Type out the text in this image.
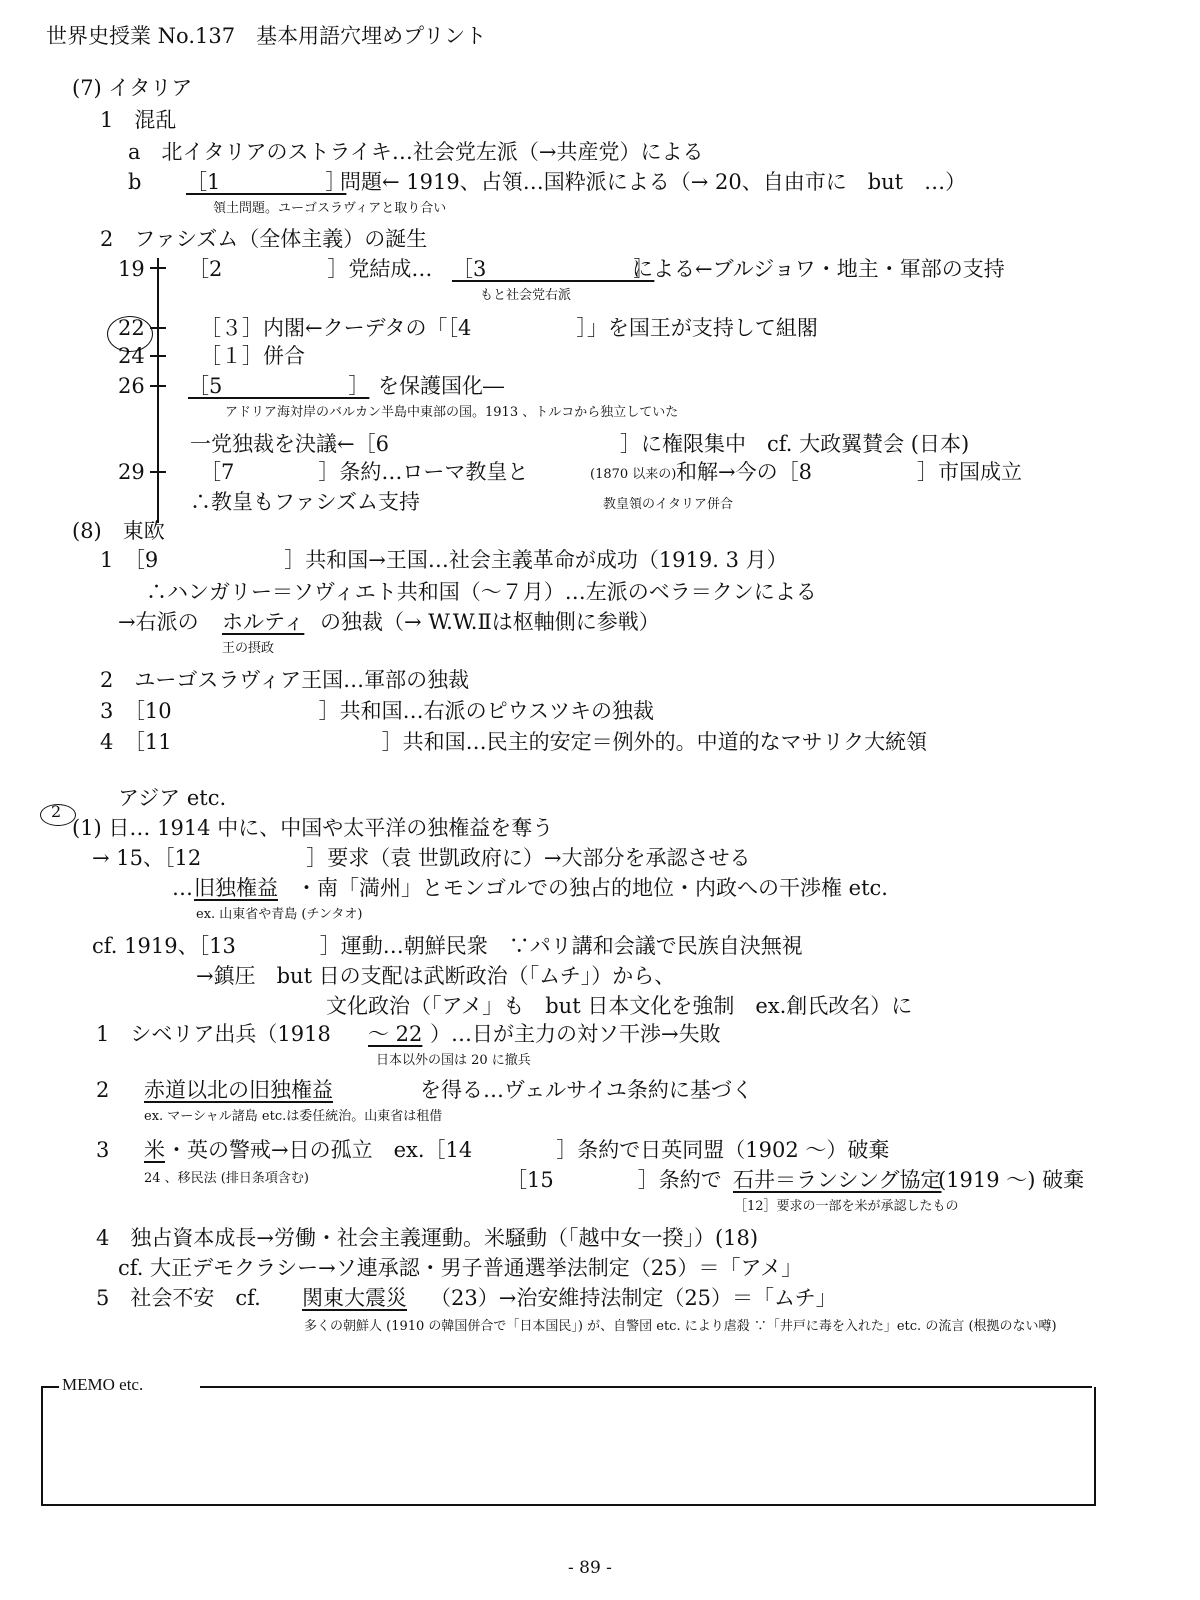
世界史授業 No.137　基本用語穴埋めプリント
(7) イタリア
1　混乱
a　北イタリアのストライキ…社会党左派（→共産党）による
b ［1　　　　　］
問題← 1919、占領…国粋派による（→ 20、自由市に　but　…）
領土問題。ユーゴスラヴィアと取り合い
2　ファシズム（全体主義）の誕生
19 ［2　　　　　］党結成… ［3　　　　　　　］
による←ブルジョワ・地主・軍部の支持
もと社会党右派
22	［３］内閣←クーデタの「［4　　　　　］」を国王が支持して組閣
24	［１］併合
26 ［5　　　　　　］ を保護国化―
アドリア海対岸のバルカン半島中東部の国。1913 、トルコから独立していた
一党独裁を決議←［6　　　　　　　　　　　］に権限集中　cf. 大政翼賛会 (日本)
29	［7　　　　］条約…ローマ教皇と	(1870 以来の) 和解→今の［8　　　　　］市国成立
∴教皇もファシズム支持	教皇領のイタリア併合
(8)　東欧
1　［9　　　　　　］共和国→王国…社会主義革命が成功（1919. 3 月）
∴ハンガリー＝ソヴィエト共和国（～７月）…左派のベラ＝クンによる
→右派の ホルティ の独裁（→ W.W.Ⅱは枢軸側に参戦）
王の摂政
2　ユーゴスラヴィア王国…軍部の独裁
3　［10　　　　　　　］共和国…右派のピウスツキの独裁
4　［11　　　　　　　　　　］共和国…民主的安定＝例外的。中道的なマサリク大統領
2
アジア etc.
(1) 日… 1914 中に、中国や太平洋の独権益を奪う
→ 15、［12　　　　　］要求（袁 世凱政府に）→大部分を承認させる
… 旧独権益 ・南「満州」とモンゴルでの独占的地位・内政への干渉権 etc.
ex. 山東省や青島 (チンタオ)
cf. 1919、［13　　　　］運動…朝鮮民衆　∵パリ講和会議で民族自決無視
→鎮圧　but 日の支配は武断政治（「ムチ」）から、
文化政治（「アメ」も　but 日本文化を強制　ex.創氏改名）に
1　シベリア出兵（1918 ～ 22 ）…日が主力の対ソ干渉→失敗
日本以外の国は 20 に撤兵
2 赤道以北の旧独権益	を得る…ヴェルサイユ条約に基づく
ex. マーシャル諸島 etc.は委任統治。山東省は租借
3 米 ・英の警戒→日の孤立　ex.［14　　　　］条約で日英同盟（1902 ～）破棄
24 、移民法 (排日条項含む)	［15　　　　］条約で 石井＝ランシング協定
(1919 ～) 破棄
［12］要求の一部を米が承認したもの
4　独占資本成長→労働・社会主義運動。米騒動（「越中女一揆」）(18)
cf. 大正デモクラシー→ソ連承認・男子普通選挙法制定（25）＝「アメ」
5　社会不安　cf. 関東大震災 （23）→治安維持法制定（25）＝「ムチ」
多くの朝鮮人 (1910 の韓国併合で「日本国民」) が、自警団 etc. により虐殺 ∵「井戸に毒を入れた」etc. の流言 (根拠のない噂)
MEMO etc.
- 89 -
